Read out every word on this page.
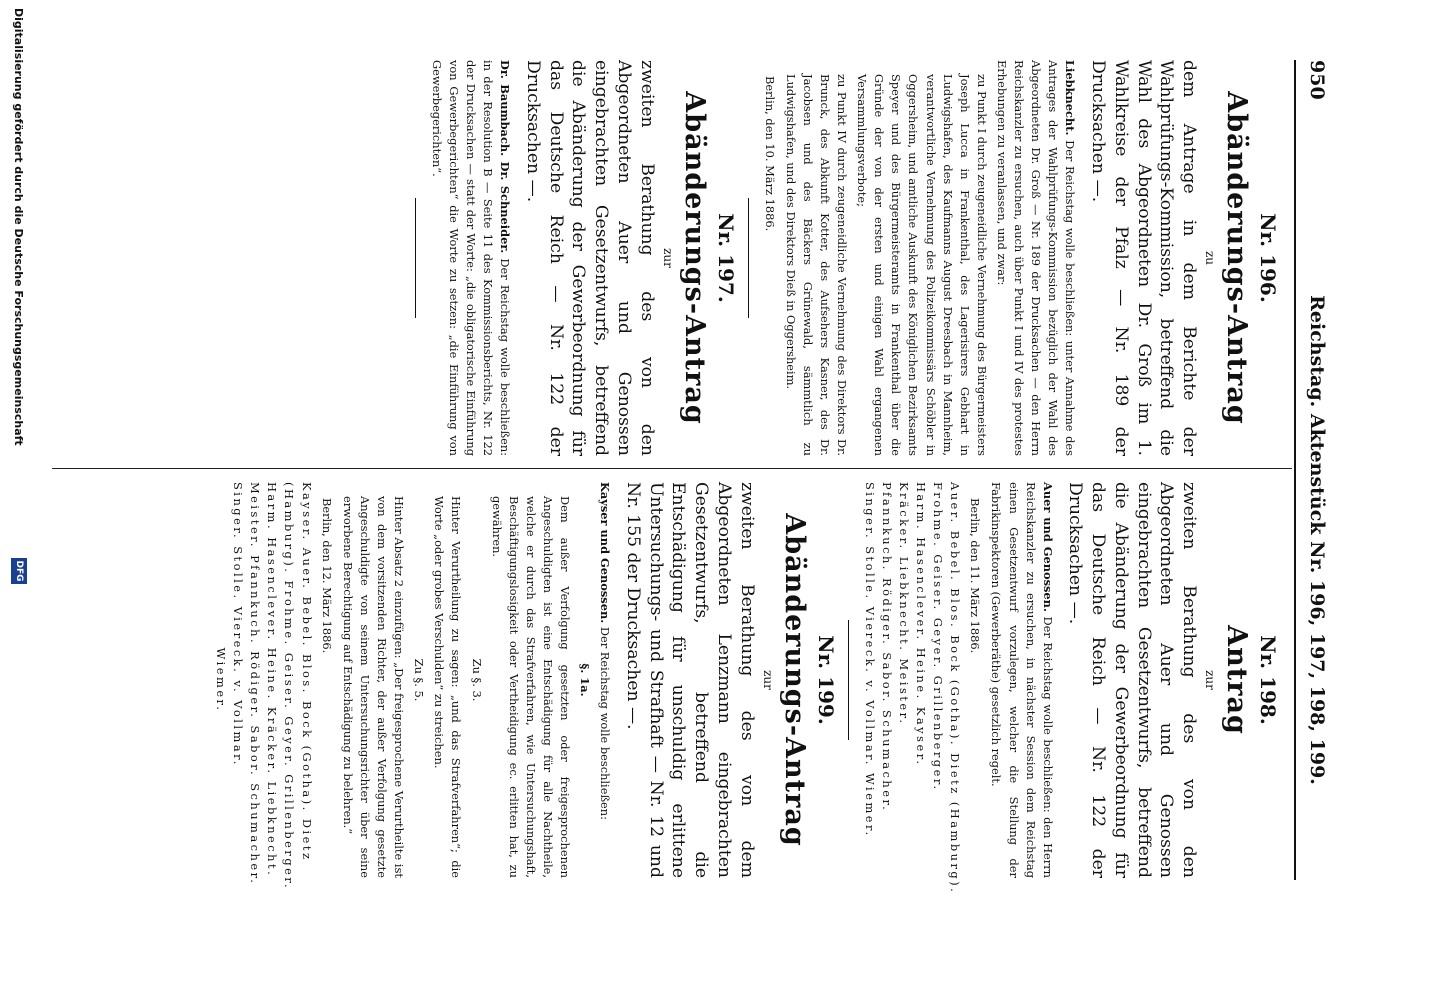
950
Reichstag. Aktenstück Nr. 196, 197, 198, 199.
Nr. 196.
Abänderungs-Antrag
zu

dem Antrage in dem Berichte der Wahlprüfungs-Kommission, betreffend die Wahl des Abgeordneten Dr. Groß im 1. Wahlkreise der Pfalz — Nr. 189 der Drucksachen —.

Liebknecht. Der Reichstag wolle beschließen: unter Annahme des Antrages der Wahlprüfungs-Kommission bezüglich der Wahl des Abgeordneten Dr. Groß — Nr. 189 der Drucksachen — den Herrn Reichskanzler zu ersuchen, auch über Punkt I und IV des protestes Erhebungen zu veranlassen, und zwar:

zu Punkt I durch zeugeneidliche Vernehmung des Bürgermeisters Joseph Lucca in Frankenthal, des Lagerisirers Gebhart in Ludwigshafen, des Kaufmanns August Dreesbach in Mannheim, verantwortliche Vernehmung des Polizeikommissärs Schöbler in Oggersheim, und amtliche Auskunft des Königlichen Bezirksamts Speyer und des Bürgermeisteramts in Frankenthal über die Gründe der von der ersten und einigen Wahl ergangenen Versammlungsverbote;

zu Punkt IV durch zeugeneidliche Vernehmung des Direktors Dr. Brunck, des Abkunft Kotter, des Aufsehers Kasner, des Dr. Jacobsen und des Bäckers Grünewald, sämmtlich zu Ludwigshafen, und des Direktors Dieß in Oggersheim.

Berlin, den 10. März 1886.

Nr. 197.
Abänderungs-Antrag
zur

zweiten Berathung des von den Abgeordneten Auer und Genossen eingebrachten Gesetzentwurfs, betreffend die Abänderung der Gewerbeordnung für das Deutsche Reich — Nr. 122 der Drucksachen —.

Dr. Baumbach. Dr. Schneider. Der Reichstag wolle beschließen: in der Resolution B — Seite 11 des Kommissionsberichts, Nr. 122 der Drucksachen — statt der Worte: „die obligatorische Einführung von Gewerbegerichten“ die Worte zu setzen: „die Einführung von Gewerbegerichten“.

Nr. 198.
Antrag
zur

zweiten Berathung des von den Abgeordneten Auer und Genossen eingebrachten Gesetzentwurfs, betreffend die Abänderung der Gewerbeordnung für das Deutsche Reich — Nr. 122 der Drucksachen —.

Auer und Genossen. Der Reichstag wolle beschließen: den Herrn Reichskanzler zu ersuchen, in nächster Session dem Reichstag einen Gesetzentwurf vorzulegen, welcher die Stellung der Fabrikinspektoren (Gewerberäthe) gesetzlich regelt.

Berlin, den 11. März 1886.

Auer. Bebel. Blos. Bock (Gotha). Dietz (Hamburg).

Frohme. Geiser. Geyer. Grillenberger.

Harm. Hasenclever. Heine. Kayser.

Kräcker. Liebknecht. Meister.

Pfannkuch. Rödiger. Sabor. Schumacher.

Singer. Stolle. Viereck. v. Vollmar. Wiemer.

Nr. 199.
Abänderungs-Antrag
zur

zweiten Berathung des von dem Abgeordneten Lenzmann eingebrachten Gesetzentwurfs, betreffend die Entschädigung für unschuldig erlittene Untersuchungs- und Strafhaft — Nr. 12 und Nr. 155 der Drucksachen —.

Kayser und Genossen. Der Reichstag wolle beschließen:

§. 1a.

Dem außer Verfolgung gesetzten oder freigesprochenen Angeschuldigten ist eine Entschädigung für alle Nachtheile, welche er durch das Strafverfahren, wie Untersuchungshaft, Beschäftigungslosigkeit oder Vertheidigung ec. erlitten hat, zu gewähren.

Zu §. 3.

Hinter Verurtheilung zu sagen: „und das Strafverfahren“; die Worte „oder grobes Verschulden“ zu streichen.

Zu §. 5.

Hinter Absatz 2 einzufügen: „Der freigesprochene Verurtheilte ist von dem vorsitzenden Richter, der außer Verfolgung gesetzte Angeschuldigte von seinem Untersuchungsrichter über seine erworbene Berechtigung auf Entschädigung zu belehren.“

Berlin, den 12. März 1886.

Kayser. Auer. Bebel. Blos. Bock (Gotha). Dietz

(Hamburg). Frohme. Geiser. Geyer. Grillenberger.

Harm. Hasenclever. Heine. Kräcker. Liebknecht.

Meister. Pfannkuch. Rödiger. Sabor. Schumacher.

Singer. Stolle. Viereck. v. Vollmar.

Wiemer.

Digitalisierung gefördert durch die Deutsche Forschungsgemeinschaft
DFG
